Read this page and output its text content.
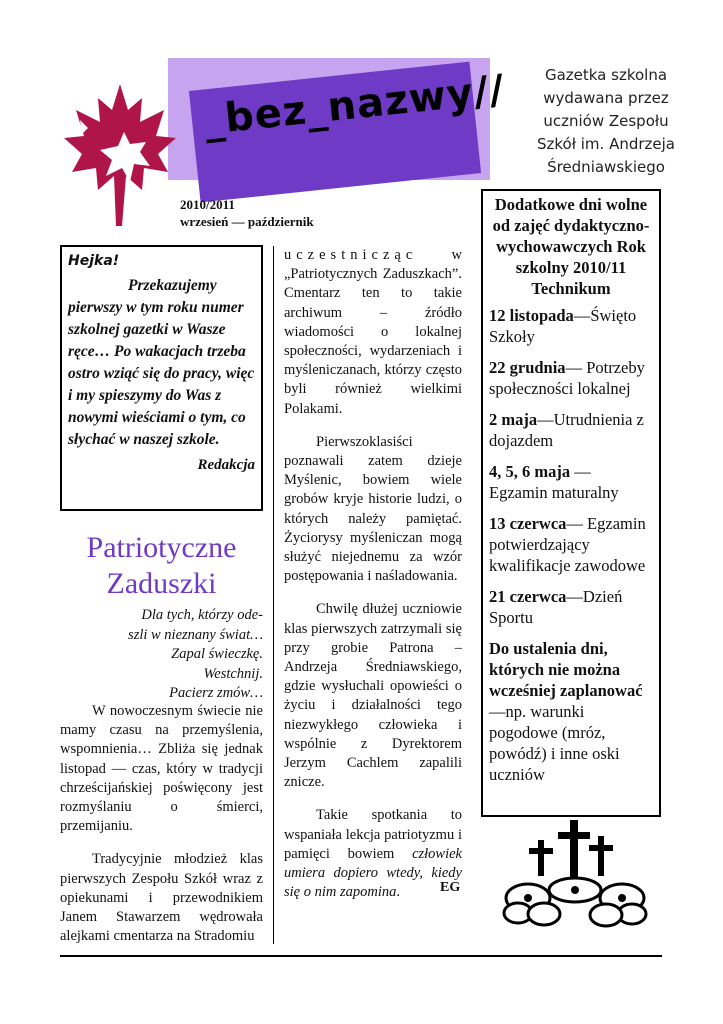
_bez_nazwy//	Gazetka szkolna
wydawana przez
uczniów Zespołu
Szkół im. Andrzeja
Średniawskiego
2010/2011
wrzesień — październik
Hejka!
Przekazujemy pierwszy w tym roku numer szkolnej gazetki w Wasze ręce… Po wakacjach trzeba ostro wziąć się do pracy, więc i my spieszymy do Was z nowymi wieściami o tym, co słychać w naszej szkole.
Redakcja
Patriotyczne Zaduszki
Dla tych, którzy ode-
szli w nieznany świat…
Zapal świeczkę.
Westchnij.
Pacierz zmów…

W nowoczesnym świecie nie mamy czasu na przemyślenia, wspomnienia… Zbliża się jednak listopad — czas, który w tradycji chrześcijańskiej poświęcony jest rozmyślaniu o śmierci, przemijaniu.

Tradycyjnie młodzież klas pierwszych Zespołu Szkół wraz z opiekunami i przewodnikiem Janem Stawarzem wędrowała alejkami cmentarza na Stradomiu

uczestnicząc w „Patriotycznych Zaduszkach”. Cmentarz ten to takie archiwum – źródło wiadomości o lokalnej społeczności, wydarzeniach i myśleniczanach, którzy często byli również wielkimi Polakami.

Pierwszoklasiści poznawali zatem dzieje Myślenic, bowiem wiele grobów kryje historie ludzi, o których należy pamiętać. Życiorysy myśleniczan mogą służyć niejednemu za wzór postępowania i naśladowania.

Chwilę dłużej uczniowie klas pierwszych zatrzymali się przy grobie Patrona – Andrzeja Średniawskiego, gdzie wysłuchali opowieści o życiu i działalności tego niezwykłego człowieka i wspólnie z Dyrektorem Jerzym Cachlem zapalili znicze.

Takie spotkania to wspaniała lekcja patriotyzmu i pamięci bowiem człowiek umiera dopiero wtedy, kiedy się o nim zapomina.	EG
Dodatkowe dni wolne od zajęć dydaktyczno-wychowawczych Rok szkolny 2010/11 Technikum
12 listopada—Święto Szkoły
22 grudnia— Potrzeby społeczności lokalnej
2 maja—Utrudnienia z dojazdem
4, 5, 6 maja — Egzamin maturalny
13 czerwca— Egzamin potwierdzający kwalifikacje zawodowe
21 czerwca—Dzień Sportu
Do ustalenia dni, których nie można wcześniej zaplanować —np. warunki pogodowe (mróz, powódź) i inne oski uczniów
